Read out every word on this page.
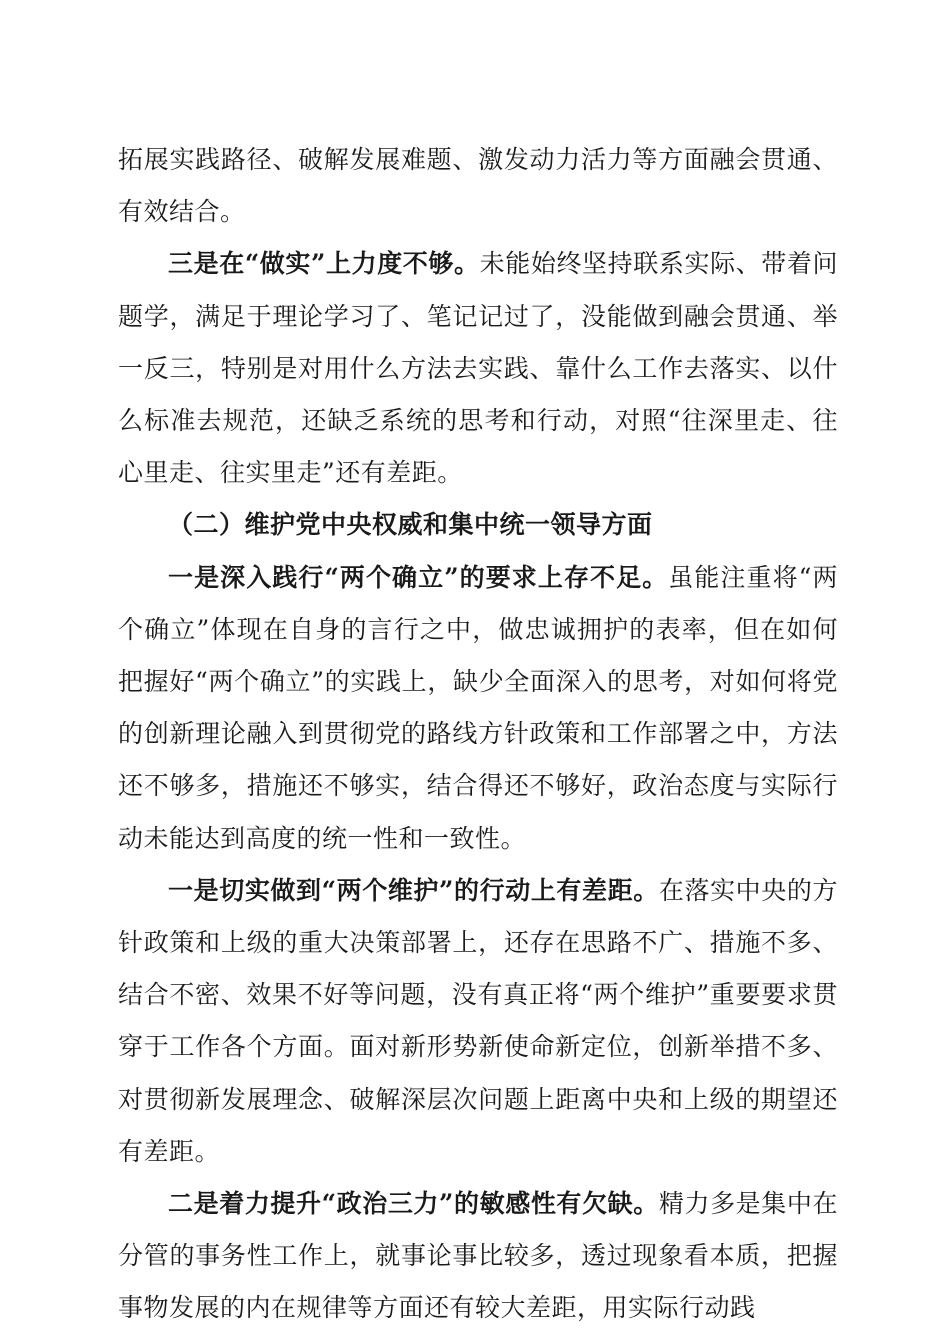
拓展实践路径、破解发展难题、激发动力活力等方面融会贯通、有效结合。

三是在“做实”上力度不够。未能始终坚持联系实际、带着问题学，满足于理论学习了、笔记记过了，没能做到融会贯通、举一反三，特别是对用什么方法去实践、靠什么工作去落实、以什么标准去规范，还缺乏系统的思考和行动，对照“往深里走、往心里走、往实里走”还有差距。

（二）维护党中央权威和集中统一领导方面

一是深入践行“两个确立”的要求上存不足。虽能注重将“两个确立”体现在自身的言行之中，做忠诚拥护的表率，但在如何把握好“两个确立”的实践上，缺少全面深入的思考，对如何将党的创新理论融入到贯彻党的路线方针政策和工作部署之中，方法还不够多，措施还不够实，结合得还不够好，政治态度与实际行动未能达到高度的统一性和一致性。

一是切实做到“两个维护”的行动上有差距。在落实中央的方针政策和上级的重大决策部署上，还存在思路不广、措施不多、结合不密、效果不好等问题，没有真正将“两个维护”重要要求贯穿于工作各个方面。面对新形势新使命新定位，创新举措不多、对贯彻新发展理念、破解深层次问题上距离中央和上级的期望还有差距。

二是着力提升“政治三力”的敏感性有欠缺。精力多是集中在分管的事务性工作上，就事论事比较多，透过现象看本质，把握事物发展的内在规律等方面还有较大差距，用实际行动践
